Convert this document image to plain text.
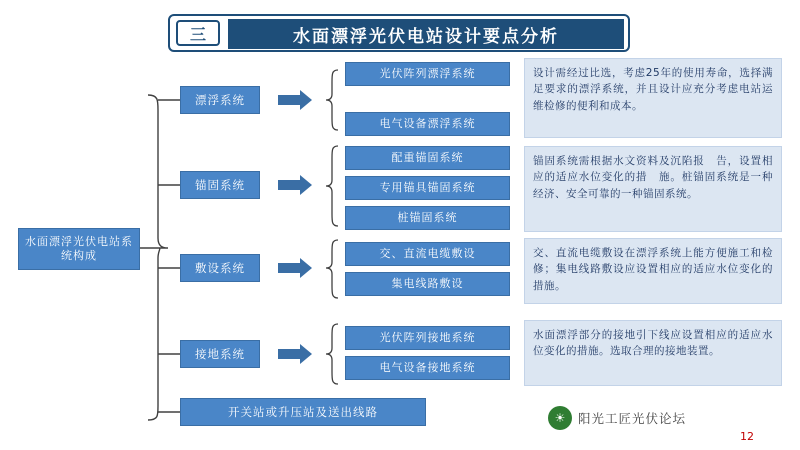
三	水面漂浮光伏电站设计要点分析
水面漂浮光伏电站系统构成
漂浮系统
光伏阵列漂浮系统
电气设备漂浮系统
设计需经过比选，考虑25年的使用寿命，选择满足要求的漂浮系统，并且设计应充分考虑电站运维检修的便利和成本。
锚固系统
配重锚固系统
专用锚具锚固系统
桩锚固系统
锚固系统需根据水文资料及沉陷报　告，设置相应的适应水位变化的措　施。桩锚固系统是一种经济、安全可靠的一种锚固系统。
敷设系统
交、直流电缆敷设
集电线路敷设
交、直流电缆敷设在漂浮系统上能方便施工和检修；集电线路敷设应设置相应的适应水位变化的措施。
接地系统
光伏阵列接地系统
电气设备接地系统
水面漂浮部分的接地引下线应设置相应的适应水位变化的措施。选取合理的接地装置。
开关站或升压站及送出线路	☀	阳光工匠光伏论坛
12
